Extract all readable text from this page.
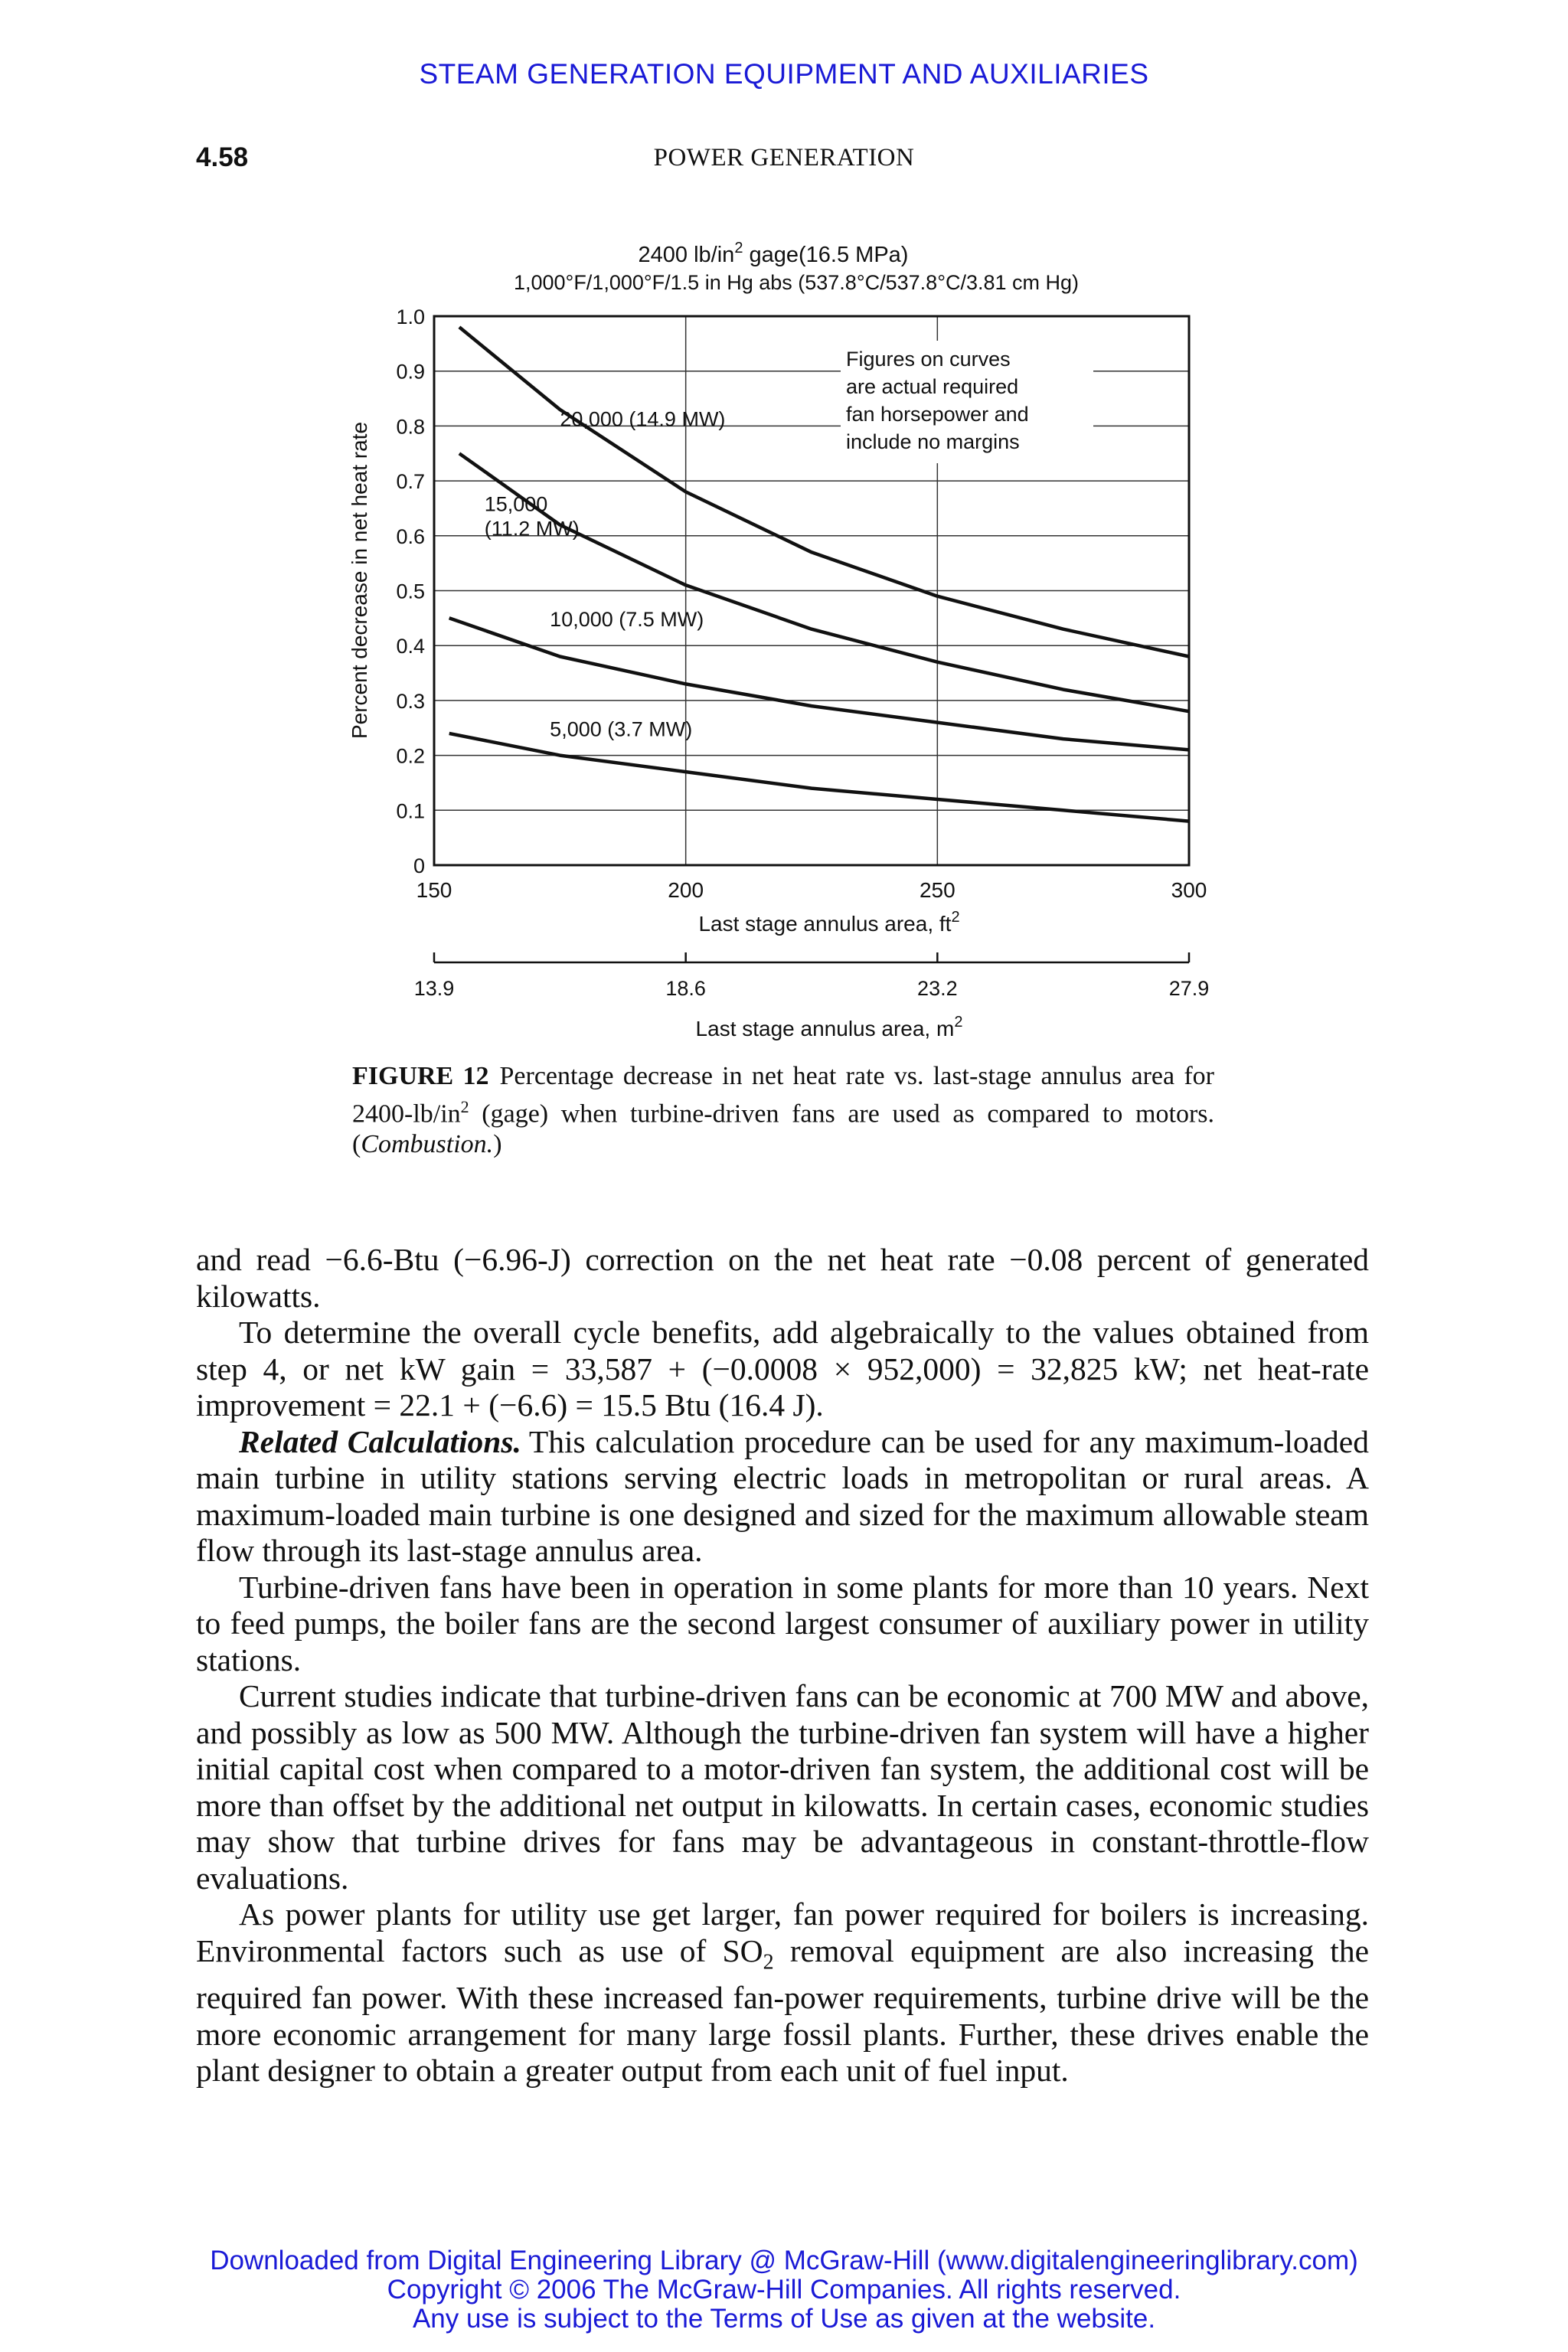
STEAM GENERATION EQUIPMENT AND AUXILIARIES
4.58	POWER GENERATION
2400 $lb/in^2$ gage(16.5 MPa)
1,000°F/1,000°F/1.5 in Hg abs (537.8°C/537.8°C/3.81 cm Hg)
Percent decrease in net heat rate
0
0.1
0.2
0.3
0.4
0.5
0.6
0.7
0.8
0.9
1.0
150	200	250	300
20,000 (14.9 MW)
15,000 (11.2 MW)
10,000 (7.5 MW)
5,000 (3.7 MW)
Figures on curves
are actual required
fan horsepower and
include no margins
Last stage annulus area, $ft^2$
13.9	18.6	23.2	27.9
Last stage annulus area, $m^2$
FIGURE 12 Percentage decrease in net heat rate vs. last-stage annulus area for $2400-lb/in^2$ (gage) when turbine-driven fans are used as compared to motors. (Combustion.)

and read −6.6-Btu (−6.96-J) correction on the net heat rate −0.08 percent of generated kilowatts.

To determine the overall cycle benefits, add algebraically to the values obtained from step 4, or net kW gain = 33,587 + (−0.0008 × 952,000) = 32,825 kW; net heat-rate improvement = 22.1 + (−6.6) = 15.5 Btu (16.4 J).

Related Calculations. This calculation procedure can be used for any maximum-loaded main turbine in utility stations serving electric loads in metropolitan or rural areas. A maximum-loaded main turbine is one designed and sized for the maximum allowable steam flow through its last-stage annulus area.

Turbine-driven fans have been in operation in some plants for more than 10 years. Next to feed pumps, the boiler fans are the second largest consumer of auxiliary power in utility stations.

Current studies indicate that turbine-driven fans can be economic at 700 MW and above, and possibly as low as 500 MW. Although the turbine-driven fan system will have a higher initial capital cost when compared to a motor-driven fan system, the additional cost will be more than offset by the additional net output in kilowatts. In certain cases, economic studies may show that turbine drives for fans may be advantageous in constant-throttle-flow evaluations.

As power plants for utility use get larger, fan power required for boilers is increasing. Environmental factors such as use of $SO_2$ removal equipment are also increasing the required fan power. With these increased fan-power requirements, turbine drive will be the more economic arrangement for many large fossil plants. Further, these drives enable the plant designer to obtain a greater output from each unit of fuel input.

Downloaded from Digital Engineering Library @ McGraw-Hill (www.digitalengineeringlibrary.com)
Copyright © 2006 The McGraw-Hill Companies. All rights reserved.
Any use is subject to the Terms of Use as given at the website.
